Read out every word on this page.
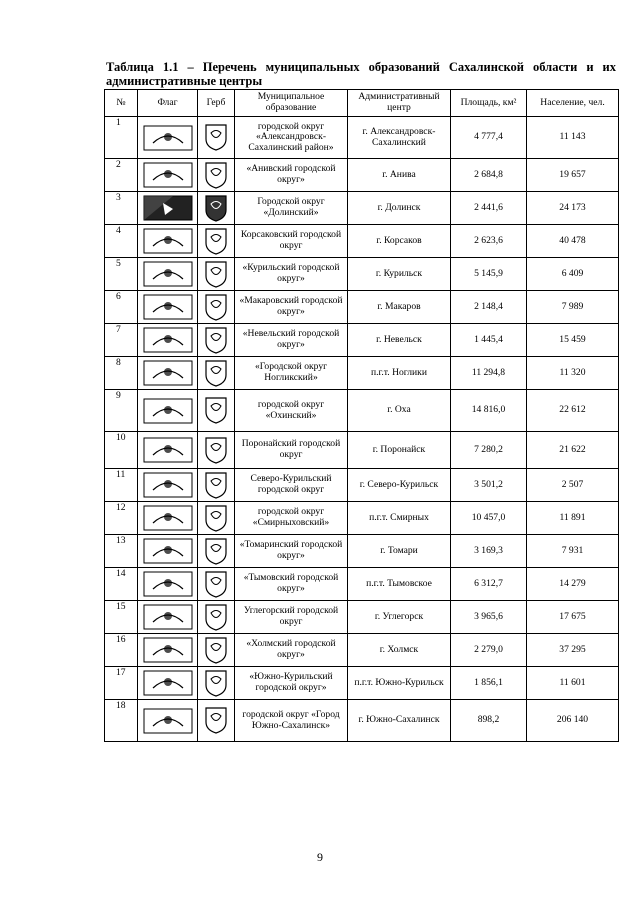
Таблица 1.1 – Перечень муниципальных образований Сахалинской области и их административные центры
№	Флаг	Герб	Муниципальное образование	Административный центр	Площадь, км²	Население, чел.
1			городской округ «Александровск-Сахалинский район»	г. Александровск-Сахалинский	4 777,4	11 143
2			«Анивский городской округ»	г. Анива	2 684,8	19 657
3			Городской округ «Долинский»	г. Долинск	2 441,6	24 173
4			Корсаковский городской округ	г. Корсаков	2 623,6	40 478
5			«Курильский городской округ»	г. Курильск	5 145,9	6 409
6			«Макаровский городской округ»	г. Макаров	2 148,4	7 989
7			«Невельский городской округ»	г. Невельск	1 445,4	15 459
8			«Городской округ Ногликский»	п.г.т. Ноглики	11 294,8	11 320
9			городской округ «Охинский»	г. Оха	14 816,0	22 612
10			Поронайский городской округ	г. Поронайск	7 280,2	21 622
11			Северо-Курильский городской округ	г. Северо-Курильск	3 501,2	2 507
12			городской округ «Смирныховский»	п.г.т. Смирных	10 457,0	11 891
13			«Томаринский городской округ»	г. Томари	3 169,3	7 931
14			«Тымовский городской округ»	п.г.т. Тымовское	6 312,7	14 279
15			Углегорский городской округ	г. Углегорск	3 965,6	17 675
16			«Холмский городской округ»	г. Холмск	2 279,0	37 295
17			«Южно-Курильский городской округ»	п.г.т. Южно-Курильск	1 856,1	11 601
18			городской округ «Город Южно-Сахалинск»	г. Южно-Сахалинск	898,2	206 140
9
